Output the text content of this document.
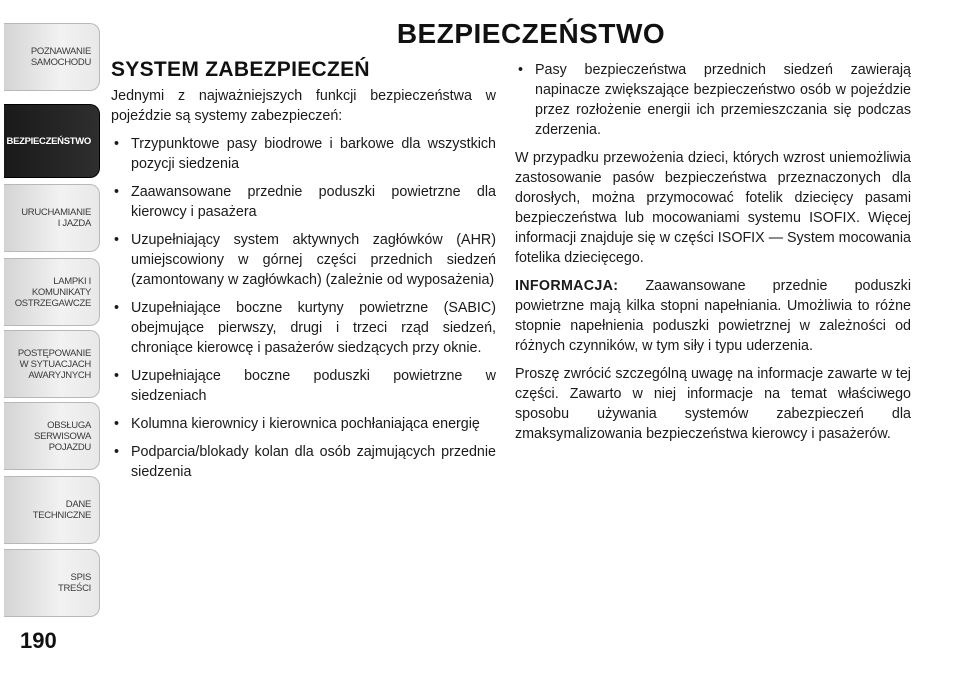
POZNAWANIE
SAMOCHODU
BEZPIECZEŃSTWO
URUCHAMIANIE
I JAZDA
LAMPKI I
KOMUNIKATY
OSTRZEGAWCZE
POSTĘPOWANIE
W SYTUACJACH
AWARYJNYCH
OBSŁUGA
SERWISOWA
POJAZDU
DANE
TECHNICZNE
SPIS
TREŚCI
190
BEZPIECZEŃSTWO
SYSTEM ZABEZPIECZEŃ

Jednymi z najważniejszych funkcji bezpieczeństwa w pojeździe są systemy zabezpieczeń:

• Trzypunktowe pasy biodrowe i barkowe dla wszystkich pozycji siedzenia
• Zaawansowane przednie poduszki powietrzne dla kierowcy i pasażera
• Uzupełniający system aktywnych zagłówków (AHR) umiejscowiony w górnej części przednich siedzeń (zamontowany w zagłówkach) (zależnie od wyposażenia)
• Uzupełniające boczne kurtyny powietrzne (SABIC) obejmujące pierwszy, drugi i trzeci rząd siedzeń, chroniące kierowcę i pasażerów siedzących przy oknie.
• Uzupełniające boczne poduszki powietrzne w siedzeniach
• Kolumna kierownicy i kierownica pochłaniająca energię
• Podparcia/blokady kolan dla osób zajmujących przednie siedzenia
• Pasy bezpieczeństwa przednich siedzeń zawierają napinacze zwiększające bezpieczeństwo osób w pojeździe przez rozłożenie energii ich przemieszczania się podczas zderzenia.

W przypadku przewożenia dzieci, których wzrost uniemożliwia zastosowanie pasów bezpieczeństwa przeznaczonych dla dorosłych, można przymocować fotelik dziecięcy pasami bezpieczeństwa lub mocowaniami systemu ISOFIX. Więcej informacji znajduje się w części ISOFIX — System mocowania fotelika dziecięcego.

INFORMACJA: Zaawansowane przednie poduszki powietrzne mają kilka stopni napełniania. Umożliwia to różne stopnie napełnienia poduszki powietrznej w zależności od różnych czynników, w tym siły i typu uderzenia.

Proszę zwrócić szczególną uwagę na informacje zawarte w tej części. Zawarto w niej informacje na temat właściwego sposobu używania systemów zabezpieczeń dla zmaksymalizowania bezpieczeństwa kierowcy i pasażerów.
